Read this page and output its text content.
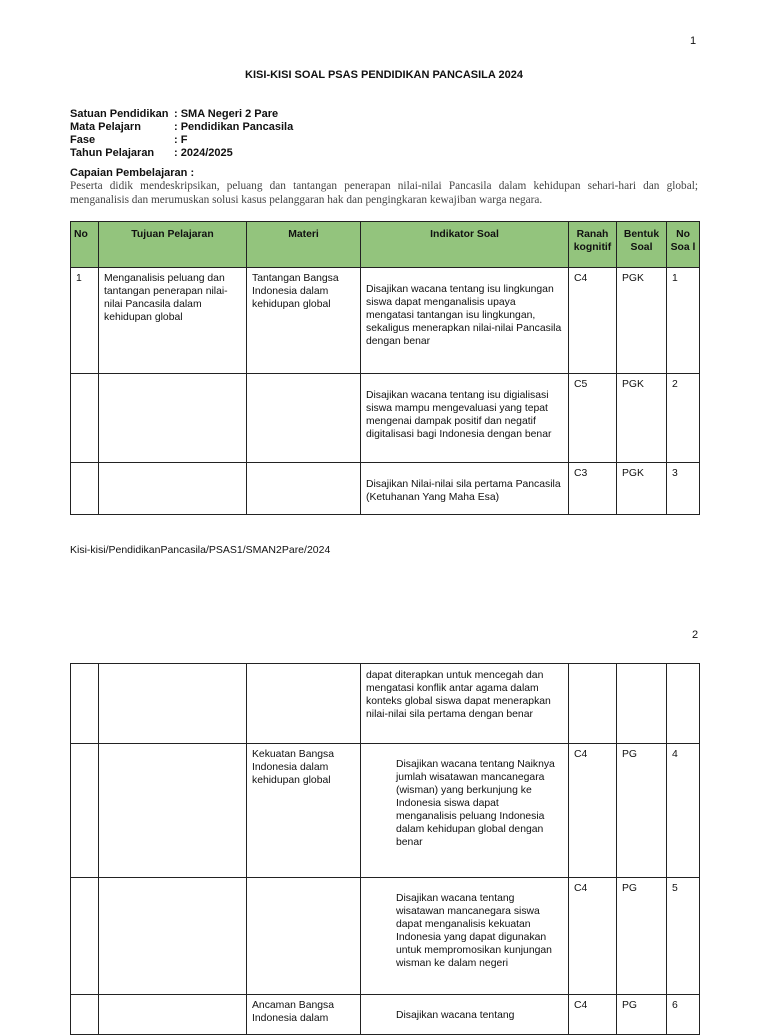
1
KISI-KISI SOAL PSAS PENDIDIKAN PANCASILA 2024
Satuan Pendidikan : SMA Negeri 2 Pare
Mata Pelajarn	: Pendidikan Pancasila
Fase	: F
Tahun Pelajaran	: 2024/2025
Capaian Pembelajaran :
Peserta didik mendeskripsikan, peluang dan tantangan penerapan nilai-nilai Pancasila dalam kehidupan sehari-hari dan global; menganalisis dan merumuskan solusi kasus pelanggaran hak dan pengingkaran kewajiban warga negara.
No	Tujuan Pelajaran	Materi	Indikator Soal	Ranah kognitif	Bentuk Soal	No Soa l
1	Menganalisis peluang dan tantangan penerapan nilai-nilai Pancasila dalam kehidupan global	Tantangan Bangsa Indonesia dalam kehidupan global	Disajikan wacana tentang isu lingkungan siswa dapat menganalisis upaya mengatasi tantangan isu lingkungan, sekaligus menerapkan nilai-nilai Pancasila dengan benar	C4	PGK	1

			Disajikan wacana tentang isu digialisasi siswa mampu mengevaluasi yang tepat mengenai dampak positif dan negatif digitalisasi bagi Indonesia dengan benar	C5	PGK	2

			Disajikan Nilai-nilai sila pertama Pancasila (Ketuhanan Yang Maha Esa)	C3	PGK	3
Kisi-kisi/PendidikanPancasila/PSAS1/SMAN2Pare/2024
2

			dapat diterapkan untuk mencegah dan mengatasi konflik antar agama dalam konteks global siswa dapat menerapkan nilai-nilai sila pertama dengan benar			

		Kekuatan Bangsa Indonesia dalam kehidupan global	Disajikan wacana tentang Naiknya jumlah wisatawan mancanegara (wisman) yang berkunjung ke Indonesia siswa dapat menganalisis peluang Indonesia dalam kehidupan global dengan benar	C4	PG	4

			Disajikan wacana tentang wisatawan mancanegara siswa dapat menganalisis kekuatan Indonesia yang dapat digunakan untuk mempromosikan kunjungan wisman ke dalam negeri	C4	PG	5
		Ancaman Bangsa Indonesia dalam	Disajikan wacana tentang	C4	PG	6
